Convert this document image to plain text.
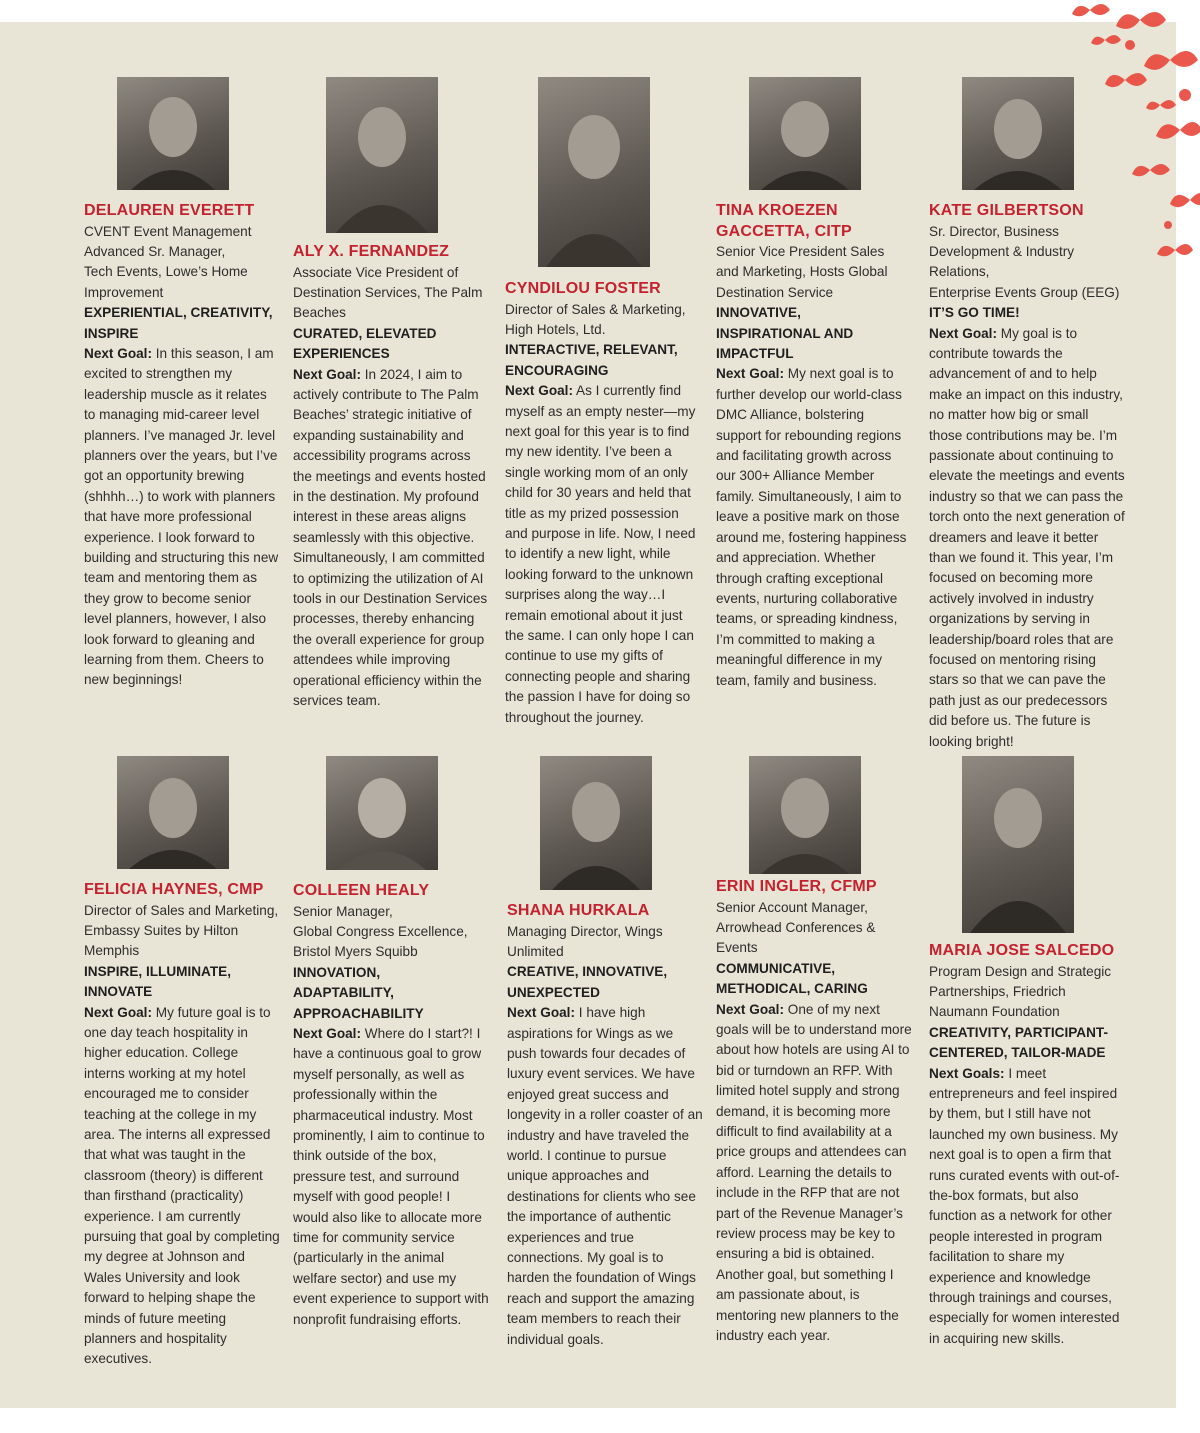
DELAUREN EVERETT

CVENT Event Management

Advanced Sr. Manager,

Tech Events, Lowe’s Home

Improvement

EXPERIENTIAL, CREATIVITY,

INSPIRE

Next Goal: In this season, I am excited to strengthen my leadership muscle as it relates to managing mid-career level planners. I’ve managed Jr. level planners over the years, but I’ve got an opportunity brewing (shhhh…) to work with planners that have more professional experience. I look forward to building and structuring this new team and mentoring them as they grow to become senior level planners, however, I also look forward to gleaning and learning from them. Cheers to new beginnings!

ALY X. FERNANDEZ

Associate Vice President of

Destination Services, The Palm

Beaches

CURATED, ELEVATED

EXPERIENCES

Next Goal: In 2024, I aim to actively contribute to The Palm Beaches’ strategic initiative of expanding sustainability and accessibility programs across the meetings and events hosted in the destination. My profound interest in these areas aligns seamlessly with this objective. Simultaneously, I am committed to optimizing the utilization of AI tools in our Destination Services processes, thereby enhancing the overall experience for group attendees while improving operational efficiency within the services team.

CYNDILOU FOSTER

Director of Sales & Marketing,

High Hotels, Ltd.

INTERACTIVE, RELEVANT,

ENCOURAGING

Next Goal: As I currently find myself as an empty nester—my next goal for this year is to find my new identity. I’ve been a single working mom of an only child for 30 years and held that title as my prized possession and purpose in life. Now, I need to identify a new light, while looking forward to the unknown surprises along the way…I remain emotional about it just the same. I can only hope I can continue to use my gifts of connecting people and sharing the passion I have for doing so throughout the journey.

TINA KROEZEN GACCETTA, CITP

Senior Vice President Sales

and Marketing, Hosts Global

Destination Service

INNOVATIVE,

INSPIRATIONAL AND

IMPACTFUL

Next Goal: My next goal is to further develop our world-class DMC Alliance, bolstering support for rebounding regions and facilitating growth across our 300+ Alliance Member family. Simultaneously, I aim to leave a positive mark on those around me, fostering happiness and appreciation. Whether through crafting exceptional events, nurturing collaborative teams, or spreading kindness, I’m committed to making a meaningful difference in my team, family and business.

KATE GILBERTSON

Sr. Director, Business Development & Industry Relations,

Enterprise Events Group (EEG)

IT’S GO TIME!

Next Goal: My goal is to contribute towards the advancement of and to help make an impact on this industry, no matter how big or small those contributions may be. I’m passionate about continuing to elevate the meetings and events industry so that we can pass the torch onto the next generation of dreamers and leave it better than we found it. This year, I’m focused on becoming more actively involved in industry organizations by serving in leadership/board roles that are focused on mentoring rising stars so that we can pave the path just as our predecessors did before us. The future is looking bright!

FELICIA HAYNES, CMP

Director of Sales and Marketing, Embassy Suites by Hilton

Memphis

INSPIRE, ILLUMINATE,

INNOVATE

Next Goal: My future goal is to one day teach hospitality in higher education. College interns working at my hotel encouraged me to consider teaching at the college in my area. The interns all expressed that what was taught in the classroom (theory) is different than firsthand (practicality) experience. I am currently pursuing that goal by completing my degree at Johnson and Wales University and look forward to helping shape the minds of future meeting planners and hospitality executives.

COLLEEN HEALY

Senior Manager,

Global Congress Excellence,

Bristol Myers Squibb

INNOVATION,

ADAPTABILITY,

APPROACHABILITY

Next Goal: Where do I start?! I have a continuous goal to grow myself personally, as well as professionally within the pharmaceutical industry. Most prominently, I aim to continue to think outside of the box, pressure test, and surround myself with good people! I would also like to allocate more time for community service (particularly in the animal welfare sector) and use my event experience to support with nonprofit fundraising efforts.

SHANA HURKALA

Managing Director, Wings

Unlimited

CREATIVE, INNOVATIVE,

UNEXPECTED

Next Goal: I have high aspirations for Wings as we push towards four decades of luxury event services. We have enjoyed great success and longevity in a roller coaster of an industry and have traveled the world. I continue to pursue unique approaches and destinations for clients who see the importance of authentic experiences and true connections. My goal is to harden the foundation of Wings reach and support the amazing team members to reach their individual goals.

ERIN INGLER, CFMP

Senior Account Manager,

Arrowhead Conferences &

Events

COMMUNICATIVE,

METHODICAL, CARING

Next Goal: One of my next goals will be to understand more about how hotels are using AI to bid or turndown an RFP. With limited hotel supply and strong demand, it is becoming more difficult to find availability at a price groups and attendees can afford. Learning the details to include in the RFP that are not part of the Revenue Manager’s review process may be key to ensuring a bid is obtained. Another goal, but something I am passionate about, is mentoring new planners to the industry each year.

MARIA JOSE SALCEDO

Program Design and Strategic

Partnerships, Friedrich

Naumann Foundation

CREATIVITY, PARTICIPANT-

CENTERED, TAILOR-MADE

Next Goals: I meet entrepreneurs and feel inspired by them, but I still have not launched my own business. My next goal is to open a firm that runs curated events with out-of-the-box formats, but also function as a network for other people interested in program facilitation to share my experience and knowledge through trainings and courses, especially for women interested in acquiring new skills.
